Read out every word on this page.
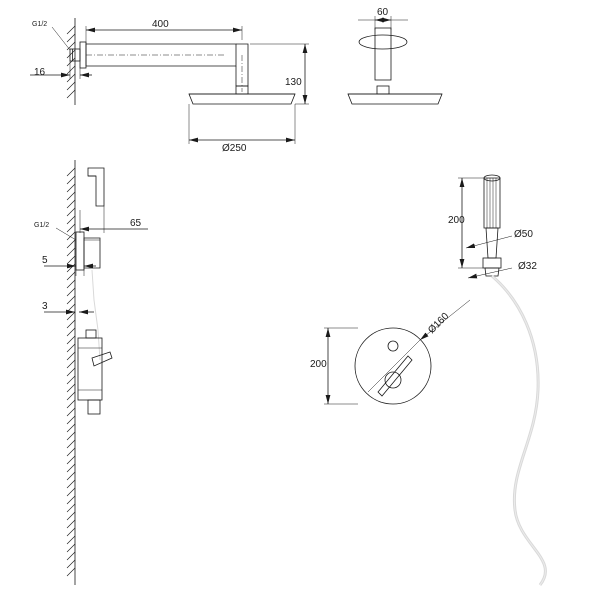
G1/2	400
16
130
Ø250
60
G1/2	65
5
3
200
Ø50
Ø32
Ø160
200
